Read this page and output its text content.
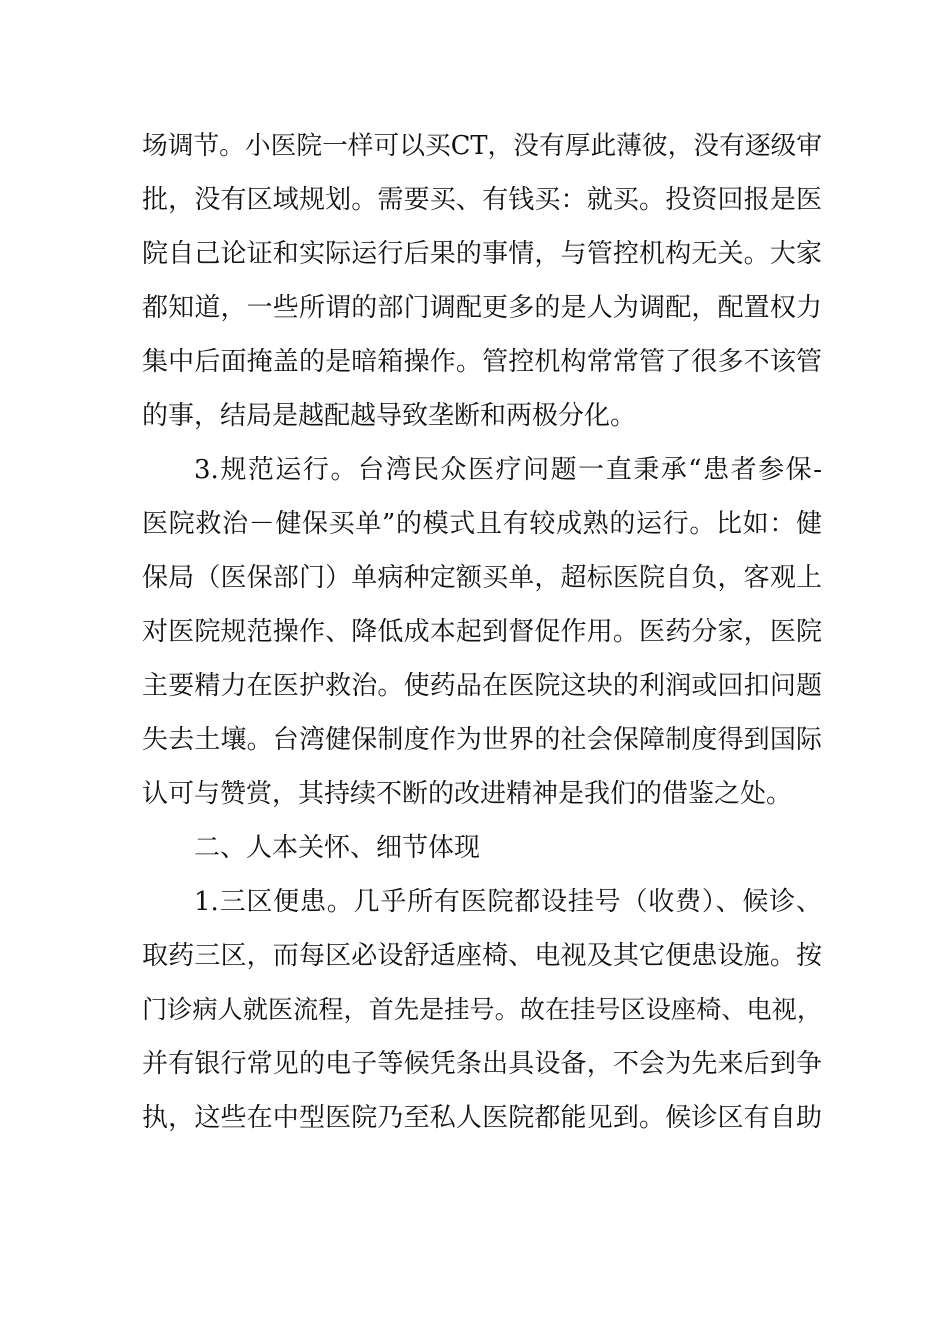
场调节。小医院一样可以买CT，没有厚此薄彼，没有逐级审
批，没有区域规划。需要买、有钱买：就买。投资回报是医
院自己论证和实际运行后果的事情，与管控机构无关。大家
都知道，一些所谓的部门调配更多的是人为调配，配置权力
集中后面掩盖的是暗箱操作。管控机构常常管了很多不该管
的事，结局是越配越导致垄断和两极分化。
3.规范运行。台湾民众医疗问题一直秉承“患者参保-
医院救治－健保买单”的模式且有较成熟的运行。比如：健
保局（医保部门）单病种定额买单，超标医院自负，客观上
对医院规范操作、降低成本起到督促作用。医药分家，医院
主要精力在医护救治。使药品在医院这块的利润或回扣问题
失去土壤。台湾健保制度作为世界的社会保障制度得到国际
认可与赞赏，其持续不断的改进精神是我们的借鉴之处。
二、人本关怀、细节体现
1.三区便患。几乎所有医院都设挂号（收费）、候诊、
取药三区，而每区必设舒适座椅、电视及其它便患设施。按
门诊病人就医流程，首先是挂号。故在挂号区设座椅、电视，
并有银行常见的电子等候凭条出具设备，不会为先来后到争
执，这些在中型医院乃至私人医院都能见到。候诊区有自助
